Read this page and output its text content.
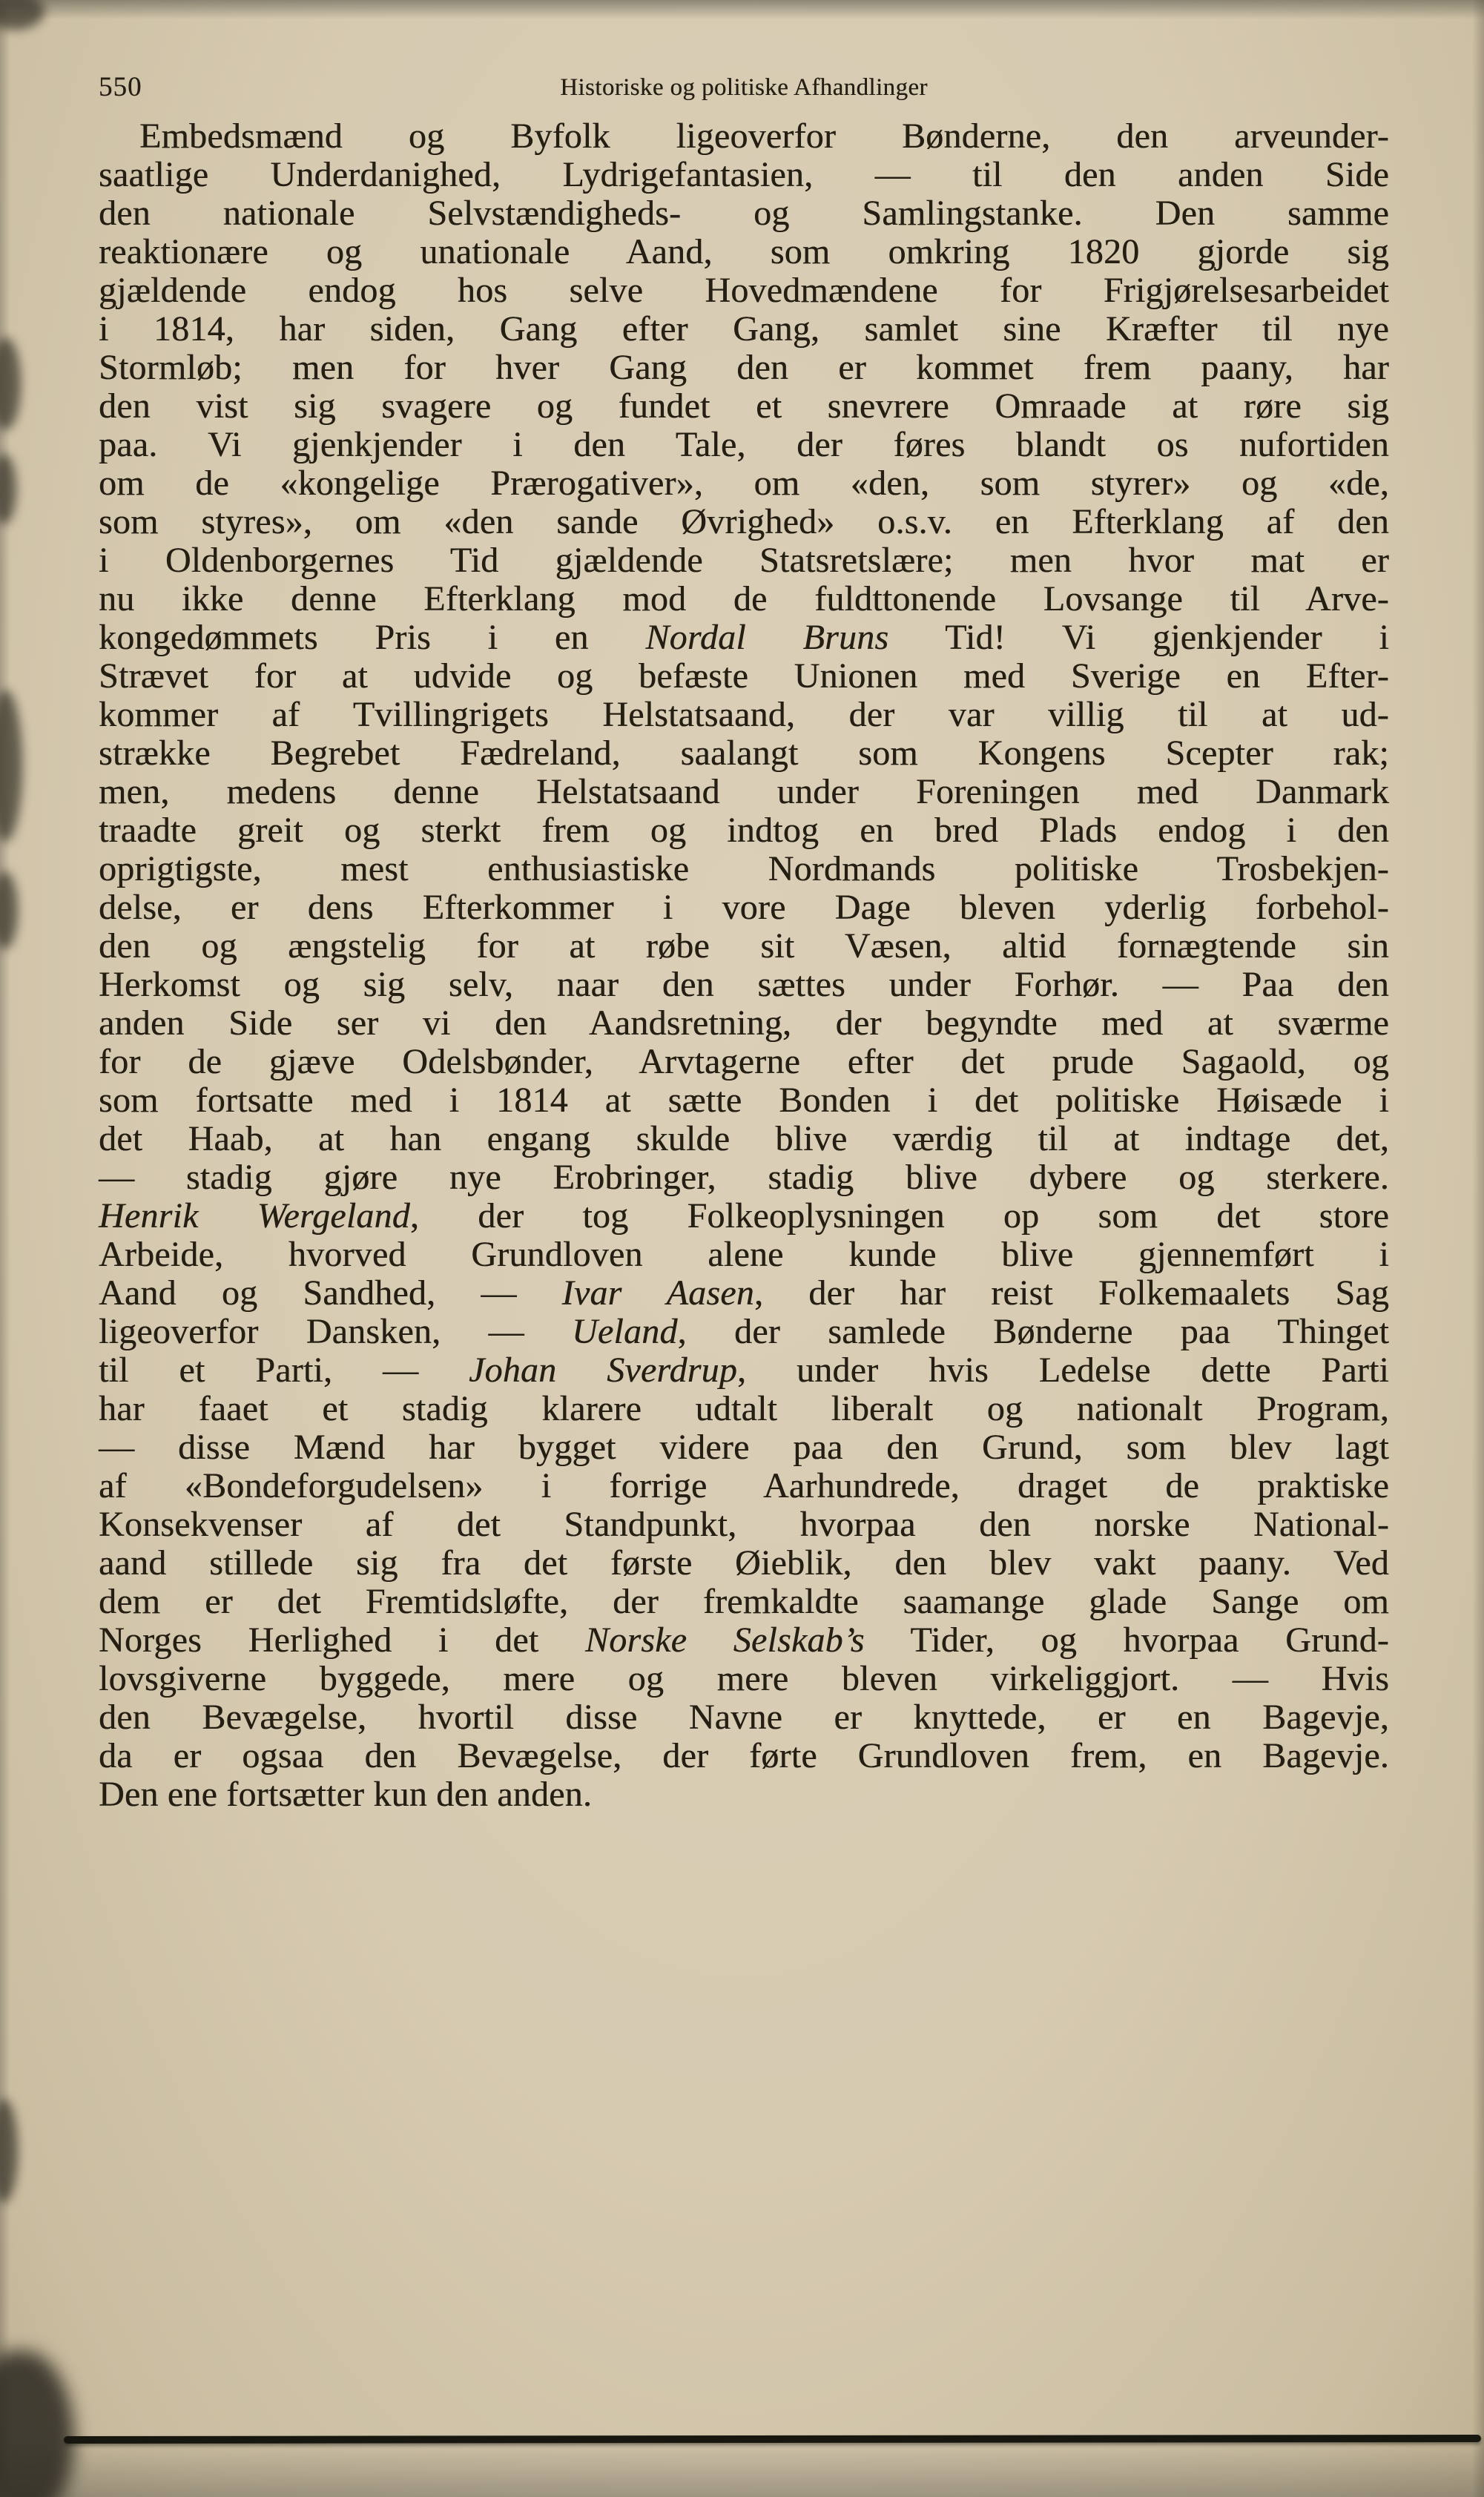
550	Historiske og politiske Afhandlinger
Embedsmænd og Byfolk ligeoverfor Bønderne, den arveunder-
saatlige Underdanighed, Lydrigefantasien, — til den anden Side
den nationale Selvstændigheds- og Samlingstanke. Den samme
reaktionære og unationale Aand, som omkring 1820 gjorde sig
gjældende endog hos selve Hovedmændene for Frigjørelsesarbeidet
i 1814, har siden, Gang efter Gang, samlet sine Kræfter til nye
Stormløb; men for hver Gang den er kommet frem paany, har
den vist sig svagere og fundet et snevrere Omraade at røre sig
paa. Vi gjenkjender i den Tale, der føres blandt os nufortiden
om de «kongelige Prærogativer», om «den, som styrer» og «de,
som styres», om «den sande Øvrighed» o.s.v. en Efterklang af den
i Oldenborgernes Tid gjældende Statsretslære; men hvor mat er
nu ikke denne Efterklang mod de fuldttonende Lovsange til Arve-
kongedømmets Pris i en Nordal Bruns Tid! Vi gjenkjender i
Strævet for at udvide og befæste Unionen med Sverige en Efter-
kommer af Tvillingrigets Helstatsaand, der var villig til at ud-
strække Begrebet Fædreland, saalangt som Kongens Scepter rak;
men, medens denne Helstatsaand under Foreningen med Danmark
traadte greit og sterkt frem og indtog en bred Plads endog i den
oprigtigste, mest enthusiastiske Nordmands politiske Trosbekjen-
delse, er dens Efterkommer i vore Dage bleven yderlig forbehol-
den og ængstelig for at røbe sit Væsen, altid fornægtende sin
Herkomst og sig selv, naar den sættes under Forhør. — Paa den
anden Side ser vi den Aandsretning, der begyndte med at sværme
for de gjæve Odelsbønder, Arvtagerne efter det prude Sagaold, og
som fortsatte med i 1814 at sætte Bonden i det politiske Høisæde i
det Haab, at han engang skulde blive værdig til at indtage det,
— stadig gjøre nye Erobringer, stadig blive dybere og sterkere.
Henrik Wergeland, der tog Folkeoplysningen op som det store
Arbeide, hvorved Grundloven alene kunde blive gjennemført i
Aand og Sandhed, — Ivar Aasen, der har reist Folkemaalets Sag
ligeoverfor Dansken, — Ueland, der samlede Bønderne paa Thinget
til et Parti, — Johan Sverdrup, under hvis Ledelse dette Parti
har faaet et stadig klarere udtalt liberalt og nationalt Program,
— disse Mænd har bygget videre paa den Grund, som blev lagt
af «Bondeforgudelsen» i forrige Aarhundrede, draget de praktiske
Konsekvenser af det Standpunkt, hvorpaa den norske National-
aand stillede sig fra det første Øieblik, den blev vakt paany. Ved
dem er det Fremtidsløfte, der fremkaldte saamange glade Sange om
Norges Herlighed i det Norske Selskab’s Tider, og hvorpaa Grund-
lovsgiverne byggede, mere og mere bleven virkeliggjort. — Hvis
den Bevægelse, hvortil disse Navne er knyttede, er en Bagevje,
da er ogsaa den Bevægelse, der førte Grundloven frem, en Bagevje.
Den ene fortsætter kun den anden.
